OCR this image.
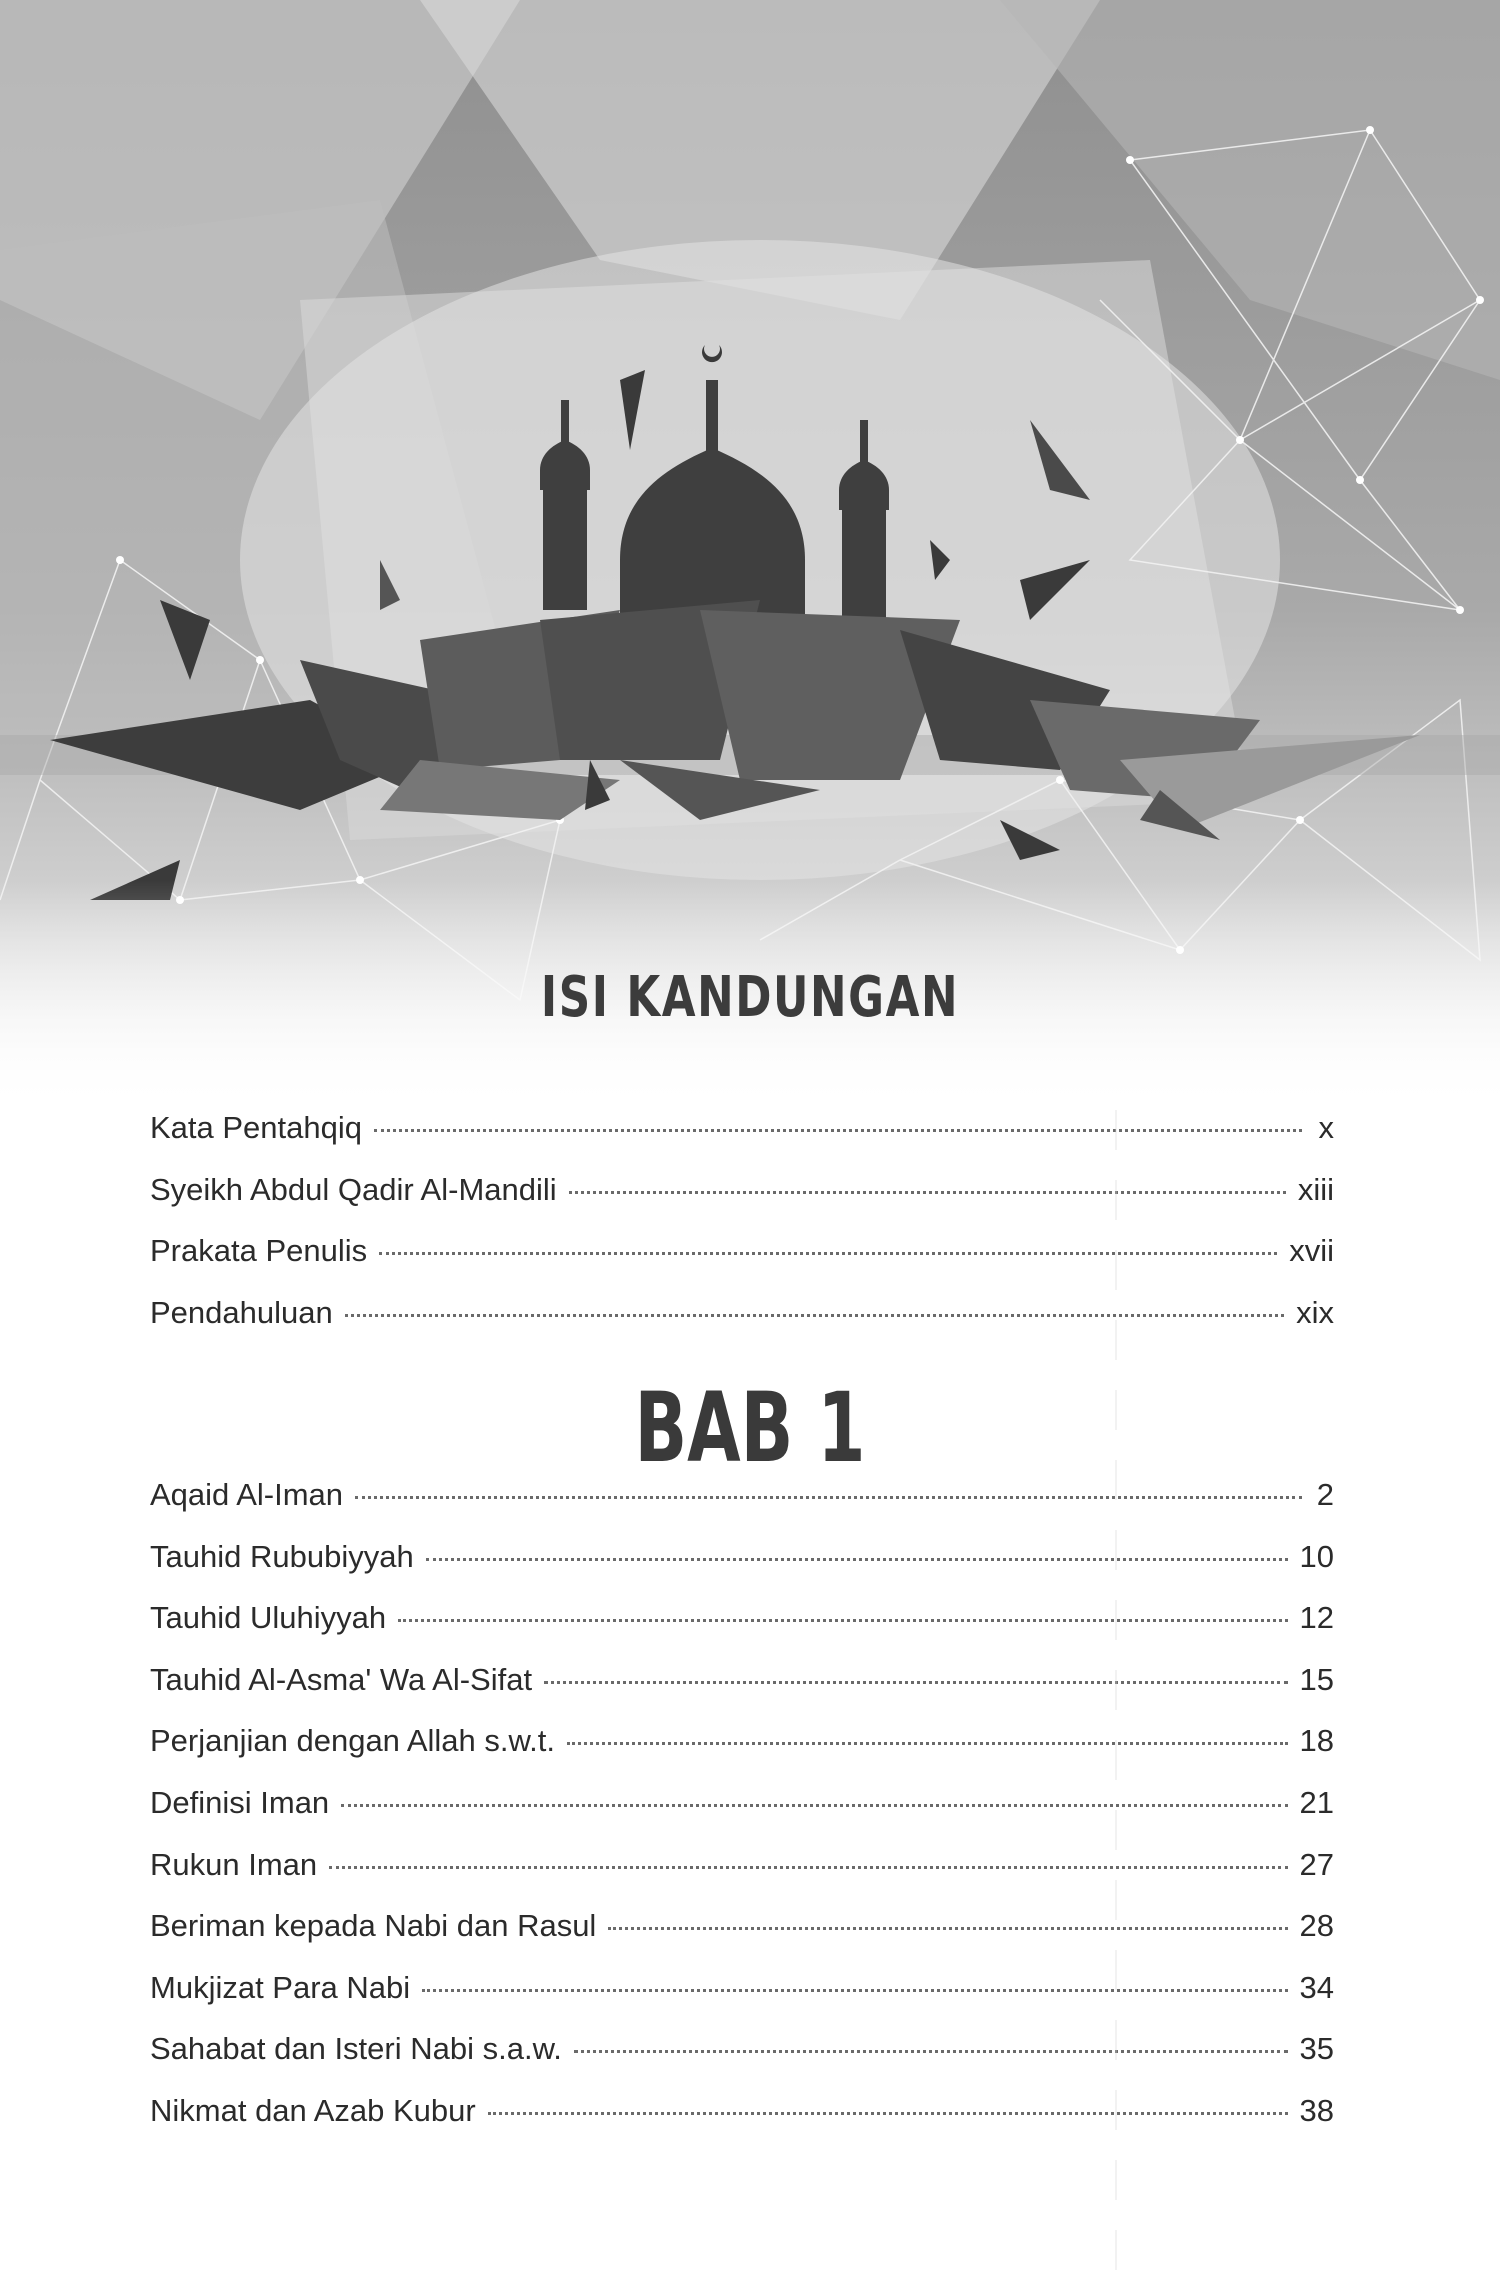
ISI KANDUNGAN
Kata Pentahqiq	x
Syeikh Abdul Qadir Al-Mandili	xiii
Prakata Penulis	xvii
Pendahuluan	xix
BAB 1
Aqaid Al-Iman	2
Tauhid Rububiyyah	10
Tauhid Uluhiyyah	12
Tauhid Al-Asma' Wa Al-Sifat	15
Perjanjian dengan Allah s.w.t.	18
Definisi Iman	21
Rukun Iman	27
Beriman kepada Nabi dan Rasul	28
Mukjizat Para Nabi	34
Sahabat dan Isteri Nabi s.a.w.	35
Nikmat dan Azab Kubur	38
